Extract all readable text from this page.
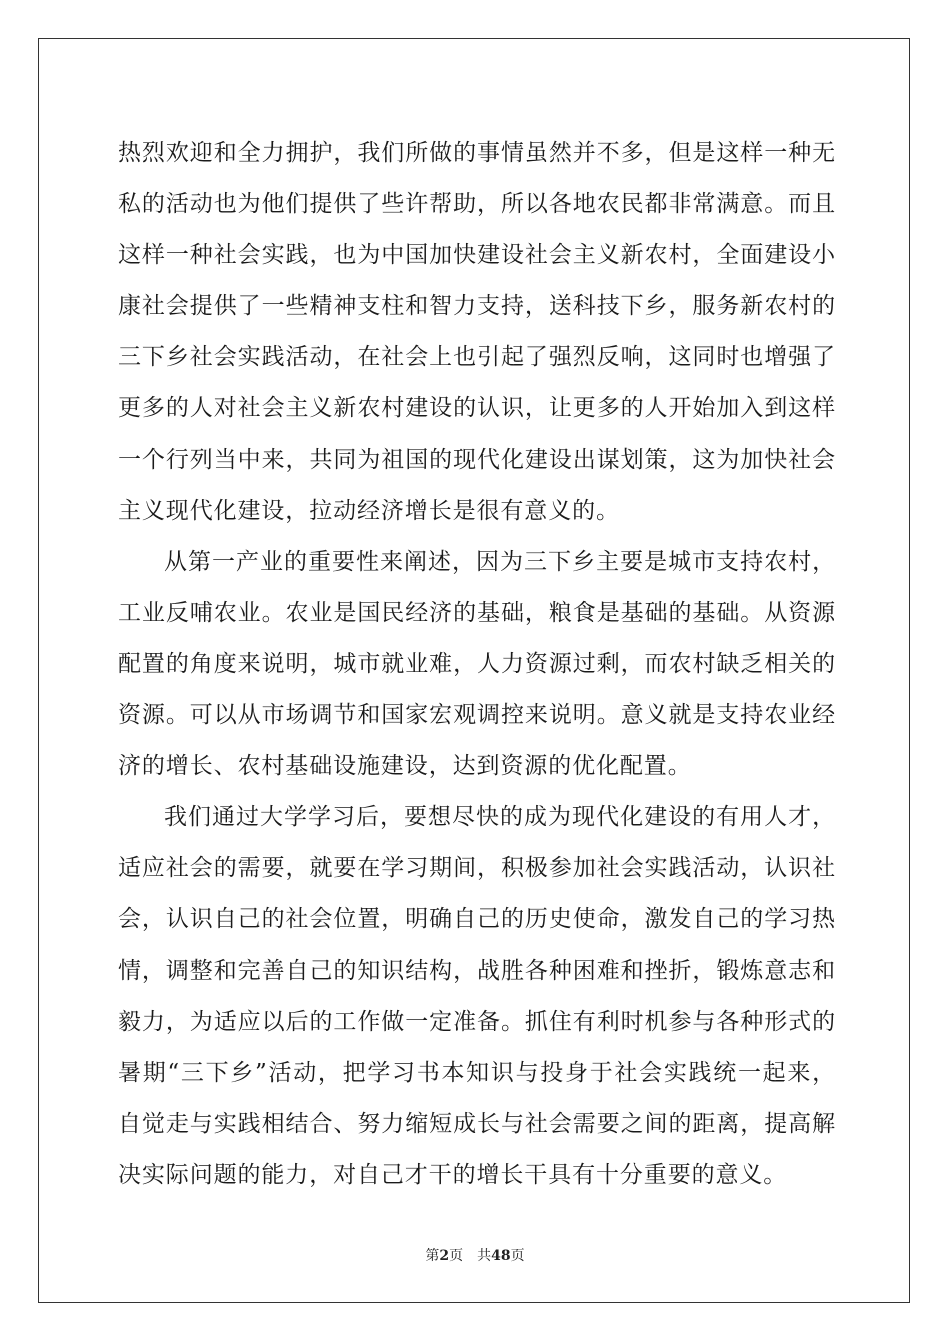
热烈欢迎和全力拥护，我们所做的事情虽然并不多，但是这样一种无
私的活动也为他们提供了些许帮助，所以各地农民都非常满意。而且
这样一种社会实践，也为中国加快建设社会主义新农村，全面建设小
康社会提供了一些精神支柱和智力支持，送科技下乡，服务新农村的
三下乡社会实践活动，在社会上也引起了强烈反响，这同时也增强了
更多的人对社会主义新农村建设的认识，让更多的人开始加入到这样
一个行列当中来，共同为祖国的现代化建设出谋划策，这为加快社会
主义现代化建设，拉动经济增长是很有意义的。
从第一产业的重要性来阐述，因为三下乡主要是城市支持农村，
工业反哺农业。农业是国民经济的基础，粮食是基础的基础。从资源
配置的角度来说明，城市就业难，人力资源过剩，而农村缺乏相关的
资源。可以从市场调节和国家宏观调控来说明。意义就是支持农业经
济的增长、农村基础设施建设，达到资源的优化配置。
我们通过大学学习后，要想尽快的成为现代化建设的有用人才，
适应社会的需要，就要在学习期间，积极参加社会实践活动，认识社
会，认识自己的社会位置，明确自己的历史使命，激发自己的学习热
情，调整和完善自己的知识结构，战胜各种困难和挫折，锻炼意志和
毅力，为适应以后的工作做一定准备。抓住有利时机参与各种形式的
暑期“三下乡”活动，把学习书本知识与投身于社会实践统一起来，
自觉走与实践相结合、努力缩短成长与社会需要之间的距离，提高解
决实际问题的能力，对自己才干的增长干具有十分重要的意义。
第2页 共48页
